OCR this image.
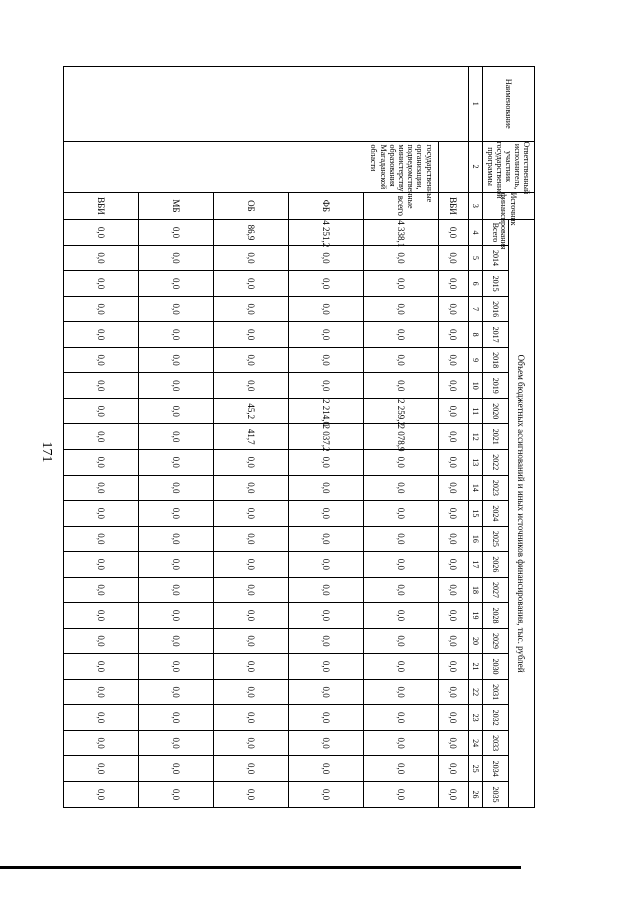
171
Наименование	Ответственный исполнитель, участник государственной программы	Источник финансирования	Объем бюджетных ассигнований и иных источников финансирования, тыс. рублей																						
			Всего	2014	2015	2016	2017	2018	2019	2020	2021	2022	2023	2024	2025	2026	2027	2028	2029	2030	2031	2032	2033	2034	2035
1	2	3	4	5	6	7	8	9	10	11	12	13	14	15	16	17	18	19	20	21	22	23	24	25	26
		ВБИ	0,0	0,0	0,0	0,0	0,0	0,0	0,0	0,0	0,0	0,0	0,0	0,0	0,0	0,0	0,0	0,0	0,0	0,0	0,0	0,0	0,0	0,0	0,0
	государственные организации, подведомственные министерству образования Магаданской области	всего	4 338,1	0,0	0,0	0,0	0,0	0,0	0,0	2 259,2	2 078,9	0,0	0,0	0,0	0,0	0,0	0,0	0,0	0,0	0,0	0,0	0,0	0,0	0,0	0,0
		ФБ	4 251,2	0,0	0,0	0,0	0,0	0,0	0,0	2 214,0	2 037,2	0,0	0,0	0,0	0,0	0,0	0,0	0,0	0,0	0,0	0,0	0,0	0,0	0,0	0,0
		ОБ	86,9	0,0	0,0	0,0	0,0	0,0	0,0	45,2	41,7	0,0	0,0	0,0	0,0	0,0	0,0	0,0	0,0	0,0	0,0	0,0	0,0	0,0	0,0
		МБ	0,0	0,0	0,0	0,0	0,0	0,0	0,0	0,0	0,0	0,0	0,0	0,0	0,0	0,0	0,0	0,0	0,0	0,0	0,0	0,0	0,0	0,0	0,0
		ВБИ	0,0	0,0	0,0	0,0	0,0	0,0	0,0	0,0	0,0	0,0	0,0	0,0	0,0	0,0	0,0	0,0	0,0	0,0	0,0	0,0	0,0	0,0	0,0
